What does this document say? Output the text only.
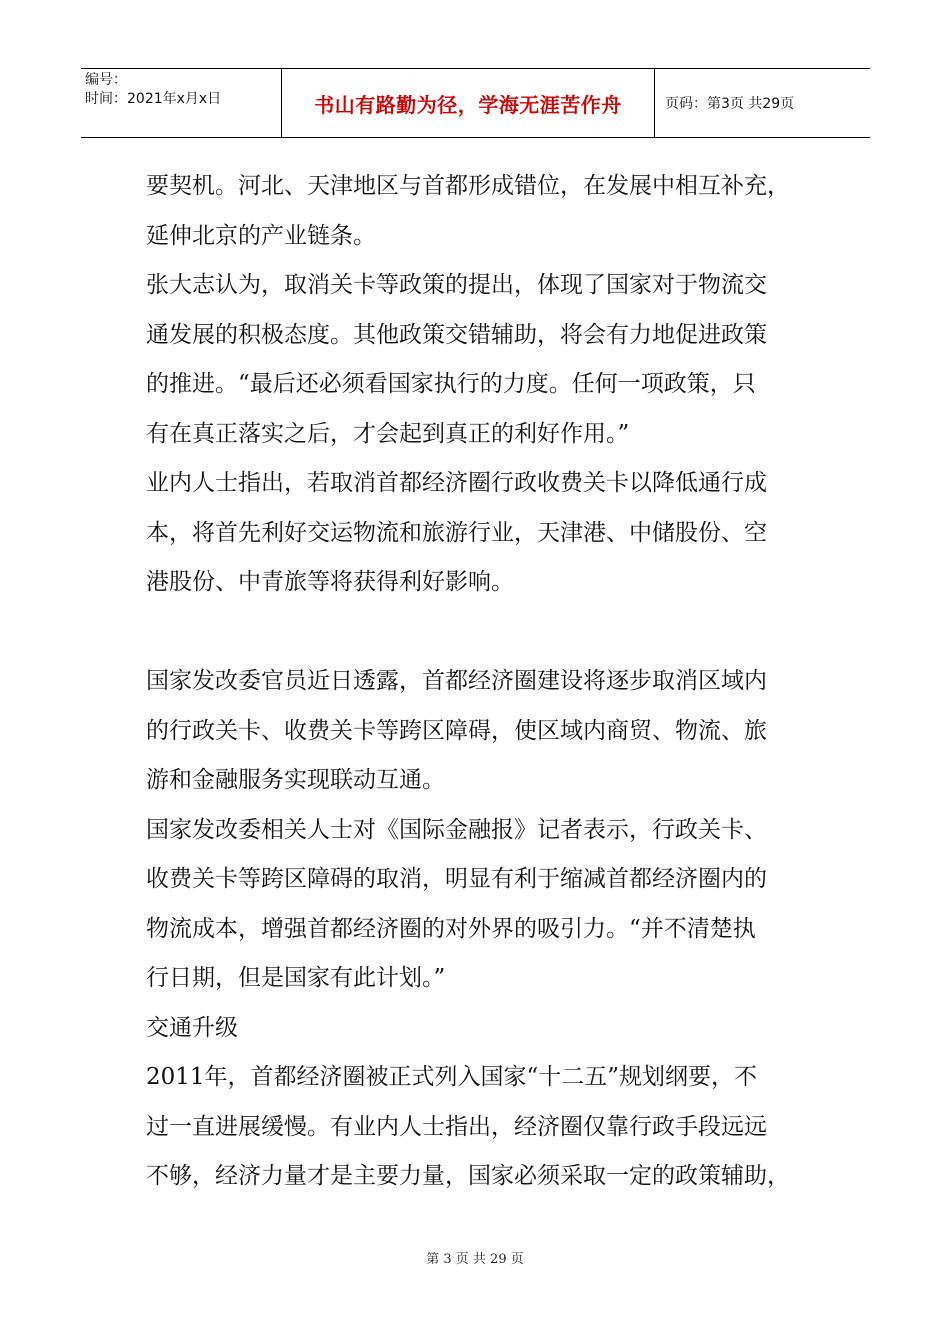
编号：
时间：2021年x月x日	书山有路勤为径，学海无涯苦作舟	页码：第3页 共29页
要契机。河北、天津地区与首都形成错位，在发展中相互补充，
延伸北京的产业链条。
张大志认为，取消关卡等政策的提出，体现了国家对于物流交
通发展的积极态度。其他政策交错辅助，将会有力地促进政策
的推进。“最后还必须看国家执行的力度。任何一项政策，只
有在真正落实之后，才会起到真正的利好作用。”
业内人士指出，若取消首都经济圈行政收费关卡以降低通行成
本，将首先利好交运物流和旅游行业，天津港、中储股份、空
港股份、中青旅等将获得利好影响。
国家发改委官员近日透露，首都经济圈建设将逐步取消区域内
的行政关卡、收费关卡等跨区障碍，使区域内商贸、物流、旅
游和金融服务实现联动互通。
国家发改委相关人士对《国际金融报》记者表示，行政关卡、
收费关卡等跨区障碍的取消，明显有利于缩减首都经济圈内的
物流成本，增强首都经济圈的对外界的吸引力。“并不清楚执
行日期，但是国家有此计划。”
交通升级
2011年，首都经济圈被正式列入国家“十二五”规划纲要，不
过一直进展缓慢。有业内人士指出，经济圈仅靠行政手段远远
不够，经济力量才是主要力量，国家必须采取一定的政策辅助，
第 3 页 共 29 页
